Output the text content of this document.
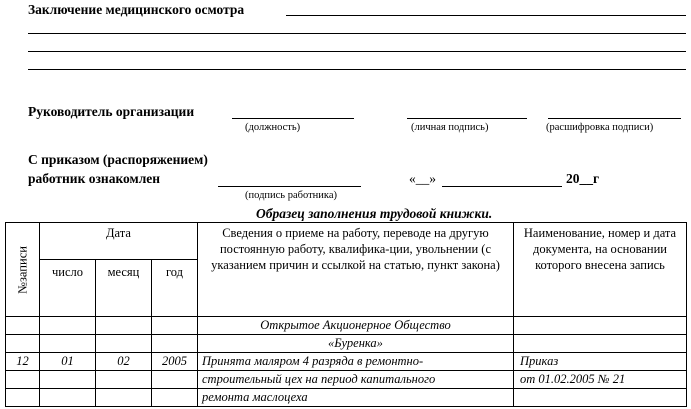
Заключение медицинского осмотра
Руководитель организации
(должность)	(личная подпись)	(расшифровка подписи)
С приказом (распоряжением)
работник ознакомлен
(подпись работника)
«__»	20__г
Образец заполнения трудовой книжки.
№записи	Дата			Сведения о приеме на работу, переводе на другую постоянную работу, квалифика-ции, увольнении (с указанием причин и ссылкой на статью, пункт закона)	Наименование, номер и дата документа, на основании которого внесена запись
	число	месяц	год		
				Открытое Акционерное Общество	
				«Буренка»	
12	01	02	2005	Принята маляром 4 разряда в ремонтно-	Приказ
				строительный цех на период капитального	от 01.02.2005 № 21
				ремонта маслоцеха	
